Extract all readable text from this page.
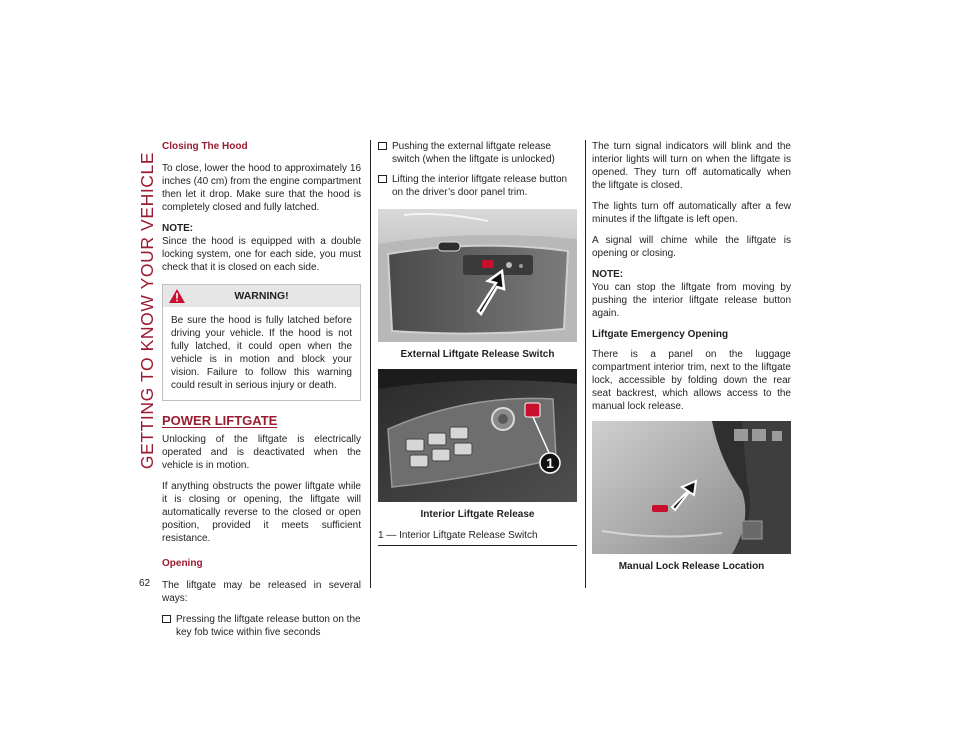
GETTING TO KNOW YOUR VEHICLE
62
Closing The Hood

To close, lower the hood to approximately 16 inches (40 cm) from the engine compartment then let it drop. Make sure that the hood is completely closed and fully latched.

NOTE:

Since the hood is equipped with a double locking system, one for each side, you must check that it is closed on each side.

WARNING!
Be sure the hood is fully latched before driving your vehicle. If the hood is not fully latched, it could open when the vehicle is in motion and block your vision. Failure to follow this warning could result in serious injury or death.
POWER LIFTGATE

Unlocking of the liftgate is electrically operated and is deactivated when the vehicle is in motion.

If anything obstructs the power liftgate while it is closing or opening, the liftgate will automatically reverse to the closed or open position, provided it meets sufficient resistance.

Opening

The liftgate may be released in several ways:

Pressing the liftgate release button on the key fob twice within five seconds
Pushing the external liftgate release switch (when the liftgate is unlocked)
Lifting the interior liftgate release button on the driver’s door panel trim.
External Liftgate Release Switch
1
Interior Liftgate Release
1 — Interior Liftgate Release Switch

The turn signal indicators will blink and the interior lights will turn on when the liftgate is opened. They turn off automatically when the liftgate is closed.

The lights turn off automatically after a few minutes if the liftgate is left open.

A signal will chime while the liftgate is opening or closing.

NOTE:

You can stop the liftgate from moving by pushing the interior liftgate release button again.

Liftgate Emergency Opening

There is a panel on the luggage compartment interior trim, next to the liftgate lock, accessible by folding down the rear seat backrest, which allows access to the manual lock release.

Manual Lock Release Location
